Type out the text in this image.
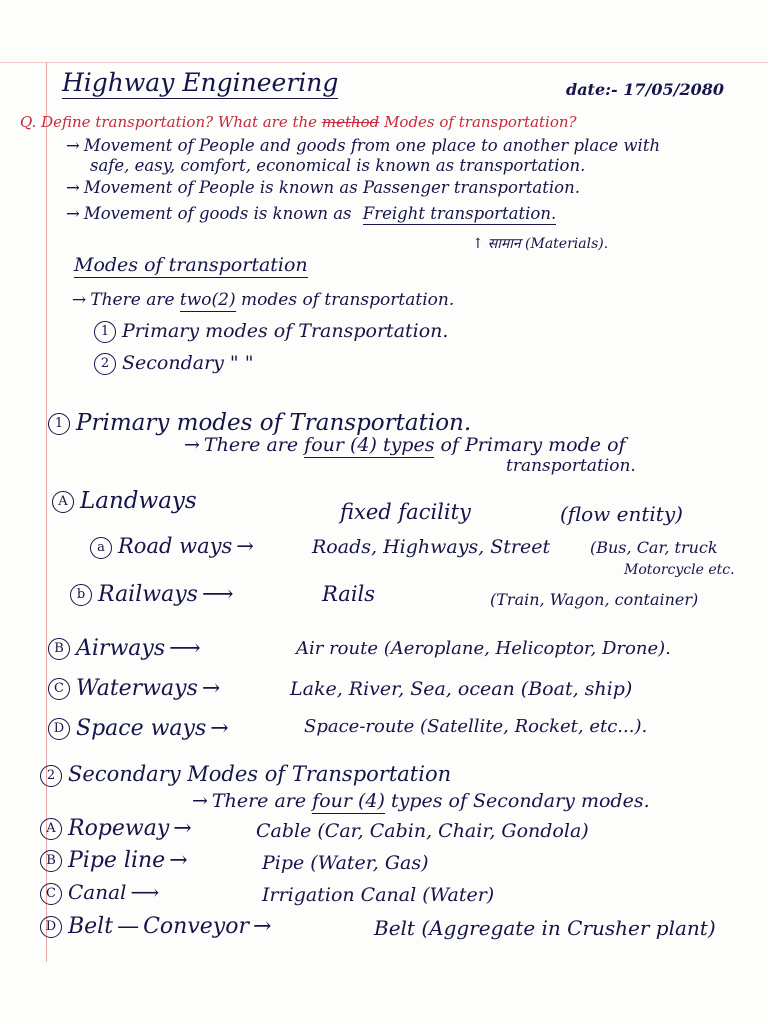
Highway Engineering	date:- 17/05/2080
Q. Define transportation? What are the method Modes of transportation?
→ Movement of People and goods from one place to another place with
safe, easy, comfort, economical is known as transportation.
→ Movement of People is known as Passenger transportation.
→ Movement of goods is known as Freight transportation.
↑ सामान (Materials).
Modes of transportation
→ There are two(2) modes of transportation.
1 Primary modes of Transportation.
2 Secondary " "
1 Primary modes of Transportation.
→ There are four (4) types of Primary mode of
transportation.
A Landways	fixed facility	(flow entity)
a Road ways →	Roads, Highways, Street (Bus, Car, truck
Motorcycle etc.
b Railways ⟶	Rails	(Train, Wagon, container)
B Airways ⟶	Air route (Aeroplane, Helicoptor, Drone).
C Waterways →	Lake, River, Sea, ocean (Boat, ship)
D Space ways →	Space-route (Satellite, Rocket, etc...).
2 Secondary Modes of Transportation
→ There are four (4) types of Secondary modes.
A Ropeway →	Cable (Car, Cabin, Chair, Gondola)
B Pipe line →	Pipe (Water, Gas)
C Canal ⟶	Irrigation Canal (Water)
D Belt — Conveyor →	Belt (Aggregate in Crusher plant)
